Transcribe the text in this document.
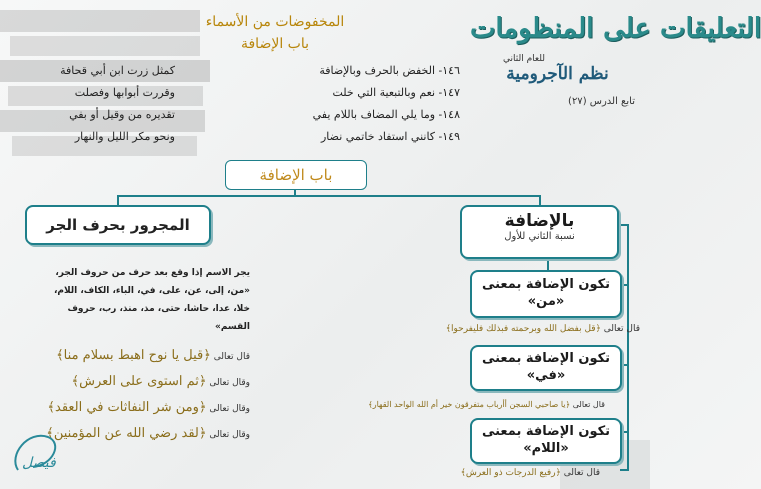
التعليقات على المنظومات
للعام الثاني
نظم الآجرومية
تابع الدرس (٢٧)
المخفوضات من الأسماء
باب الإضافة
١٤٦- الخفض بالحرف وبالإضافة
كمثل زرت ابن أبي قحافة
١٤٧- نعم وبالتبعية التي خلت
وقررت أبوابها وفصلت
١٤٨- وما يلي المضاف باللام يفي
تقديره من وقيل أو بفي
١٤٩- كانني استفاد خاتمي نضار
ونحو مكر الليل والنهار
باب الإضافة
بالإضافة
نسبة الثاني للأول
تكون الإضافة بمعنى
«من»
قال تعالى ﴿قل بفضل الله وبرحمته فبذلك فليفرحوا﴾
تكون الإضافة بمعنى
«في»
قال تعالى ﴿يا صاحبي السجن أأرباب متفرقون خير أم الله الواحد القهار﴾
تكون الإضافة بمعنى
«اللام»
قال تعالى ﴿رفيع الدرجات ذو العرش﴾
المجرور بحرف الجر
يجر الاسم إذا وقع بعد حرف من حروف الجر،
«من، إلى، عن، على، في، الباء، الكاف، اللام،
خلا، عدا، حاشا، حتى، مذ، منذ، رب، حروف
القسم»
قال تعالى ﴿قيل يا نوح اهبط بسلام منا﴾
وقال تعالى ﴿ثم استوى على العرش﴾
وقال تعالى ﴿ومن شر النفاثات في العقد﴾
وقال تعالى ﴿لقد رضي الله عن المؤمنين﴾
فيصل
